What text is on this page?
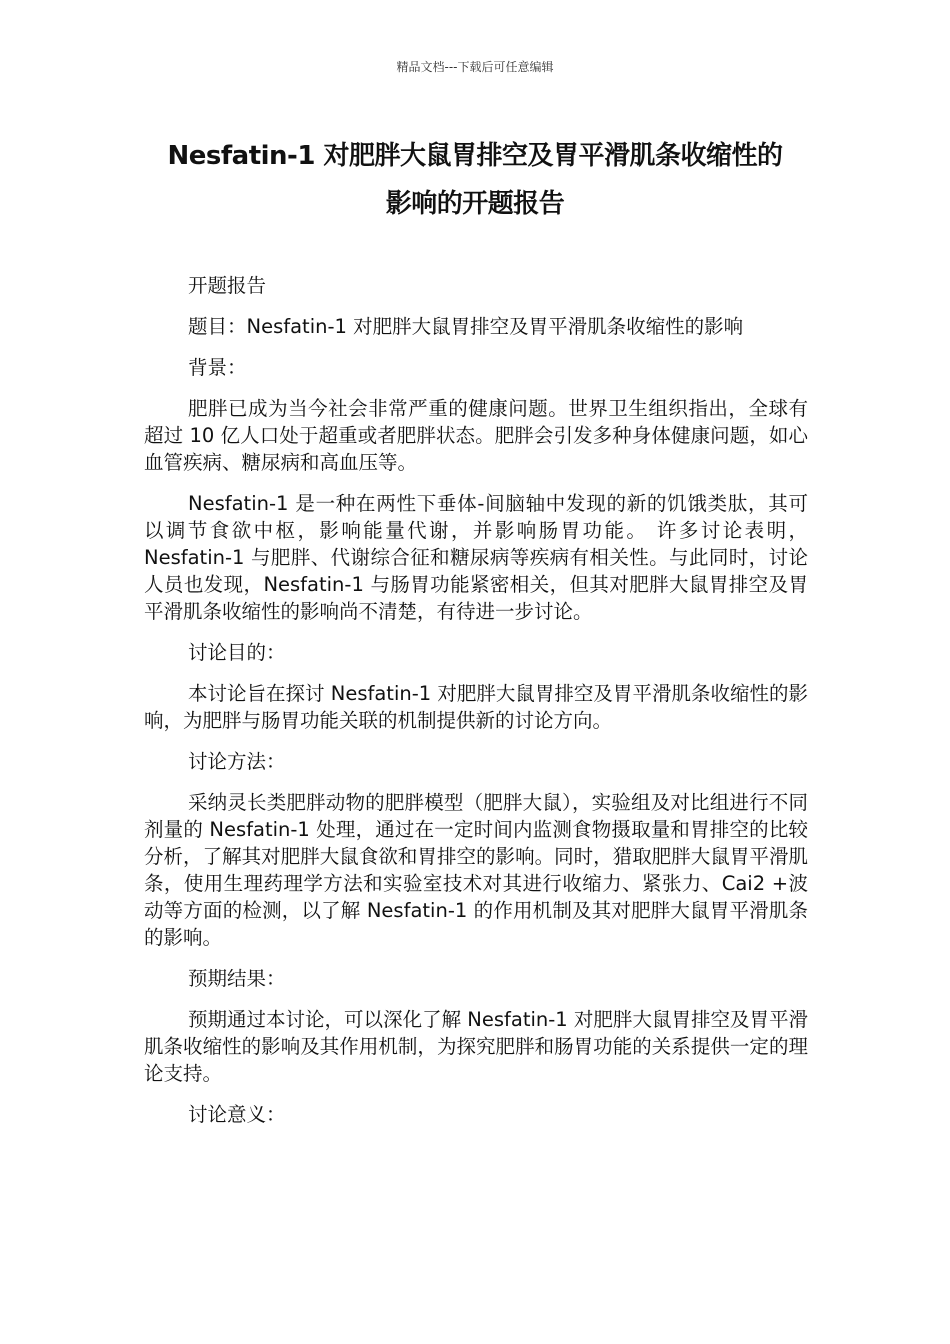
精品文档---下载后可任意编辑
Nesfatin-1 对肥胖大鼠胃排空及胃平滑肌条收缩性的
影响的开题报告
开题报告
题目：Nesfatin-1 对肥胖大鼠胃排空及胃平滑肌条收缩性的影响
背景：

肥胖已成为当今社会非常严重的健康问题。世界卫生组织指出，全球有超过 10 亿人口处于超重或者肥胖状态。肥胖会引发多种身体健康问题，如心血管疾病、糖尿病和高血压等。

Nesfatin-1 是一种在两性下垂体-间脑轴中发现的新的饥饿类肽，其可以调节食欲中枢，影响能量代谢，并影响肠胃功能。 许多讨论表明，Nesfatin-1 与肥胖、代谢综合征和糖尿病等疾病有相关性。与此同时，讨论人员也发现，Nesfatin-1 与肠胃功能紧密相关，但其对肥胖大鼠胃排空及胃平滑肌条收缩性的影响尚不清楚，有待进一步讨论。

讨论目的：

本讨论旨在探讨 Nesfatin-1 对肥胖大鼠胃排空及胃平滑肌条收缩性的影响，为肥胖与肠胃功能关联的机制提供新的讨论方向。

讨论方法：

采纳灵长类肥胖动物的肥胖模型（肥胖大鼠），实验组及对比组进行不同剂量的 Nesfatin-1 处理，通过在一定时间内监测食物摄取量和胃排空的比较分析，了解其对肥胖大鼠食欲和胃排空的影响。同时，猎取肥胖大鼠胃平滑肌条，使用生理药理学方法和实验室技术对其进行收缩力、紧张力、Cai2 +波动等方面的检测，以了解 Nesfatin-1 的作用机制及其对肥胖大鼠胃平滑肌条的影响。

预期结果：

预期通过本讨论，可以深化了解 Nesfatin-1 对肥胖大鼠胃排空及胃平滑肌条收缩性的影响及其作用机制，为探究肥胖和肠胃功能的关系提供一定的理论支持。

讨论意义：
